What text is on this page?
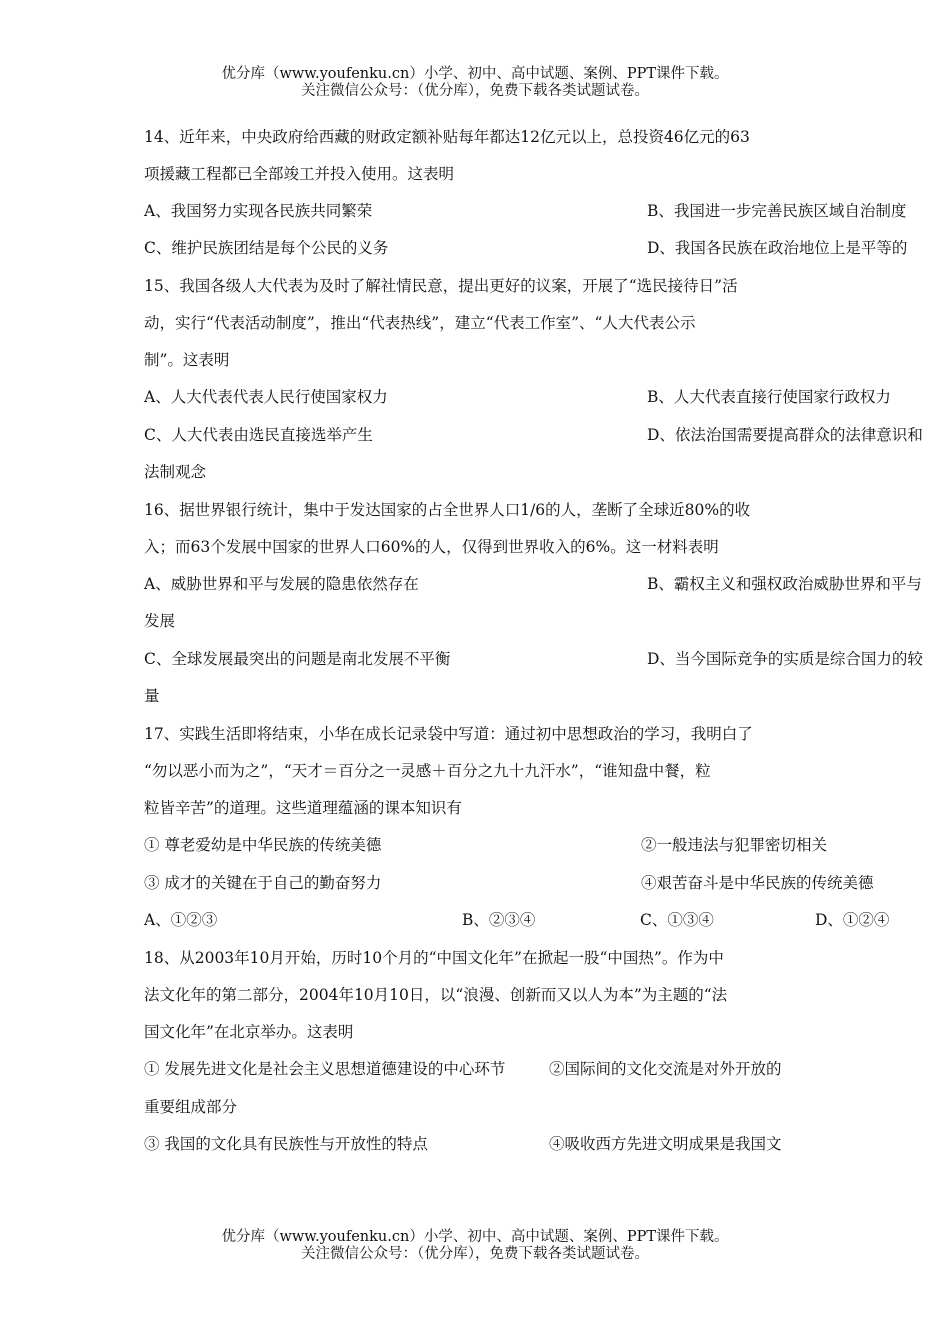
优分库（www.youfenku.cn）小学、初中、高中试题、案例、PPT课件下载。
关注微信公众号：（优分库），免费下载各类试题试卷。
14、近年来，中央政府给西藏的财政定额补贴每年都达12亿元以上，总投资46亿元的63
项援藏工程都已全部竣工并投入使用。这表明
A、我国努力实现各民族共同繁荣	B、我国进一步完善民族区域自治制度
C、维护民族团结是每个公民的义务	D、我国各民族在政治地位上是平等的
15、我国各级人大代表为及时了解社情民意，提出更好的议案，开展了“选民接待日”活
动，实行“代表活动制度”，推出“代表热线”，建立“代表工作室”、“人大代表公示
制”。这表明
A、人大代表代表人民行使国家权力	B、人大代表直接行使国家行政权力
C、人大代表由选民直接选举产生	D、依法治国需要提高群众的法律意识和
法制观念
16、据世界银行统计，集中于发达国家的占全世界人口1/6的人，垄断了全球近80%的收
入；而63个发展中国家的世界人口60%的人，仅得到世界收入的6%。这一材料表明
A、威胁世界和平与发展的隐患依然存在	B、霸权主义和强权政治威胁世界和平与
发展
C、全球发展最突出的问题是南北发展不平衡	D、当今国际竞争的实质是综合国力的较
量
17、实践生活即将结束，小华在成长记录袋中写道：通过初中思想政治的学习，我明白了
“勿以恶小而为之”，“天才＝百分之一灵感＋百分之九十九汗水”，“谁知盘中餐，粒
粒皆辛苦”的道理。这些道理蕴涵的课本知识有
① 尊老爱幼是中华民族的传统美德	②一般违法与犯罪密切相关
③ 成才的关键在于自己的勤奋努力	④艰苦奋斗是中华民族的传统美德
A、①②③	B、②③④	C、①③④	D、①②④
18、从2003年10月开始，历时10个月的“中国文化年”在掀起一股“中国热”。作为中
法文化年的第二部分，2004年10月10日，以“浪漫、创新而又以人为本”为主题的“法
国文化年”在北京举办。这表明
① 发展先进文化是社会主义思想道德建设的中心环节	②国际间的文化交流是对外开放的
重要组成部分
③ 我国的文化具有民族性与开放性的特点	④吸收西方先进文明成果是我国文
优分库（www.youfenku.cn）小学、初中、高中试题、案例、PPT课件下载。
关注微信公众号：（优分库），免费下载各类试题试卷。
